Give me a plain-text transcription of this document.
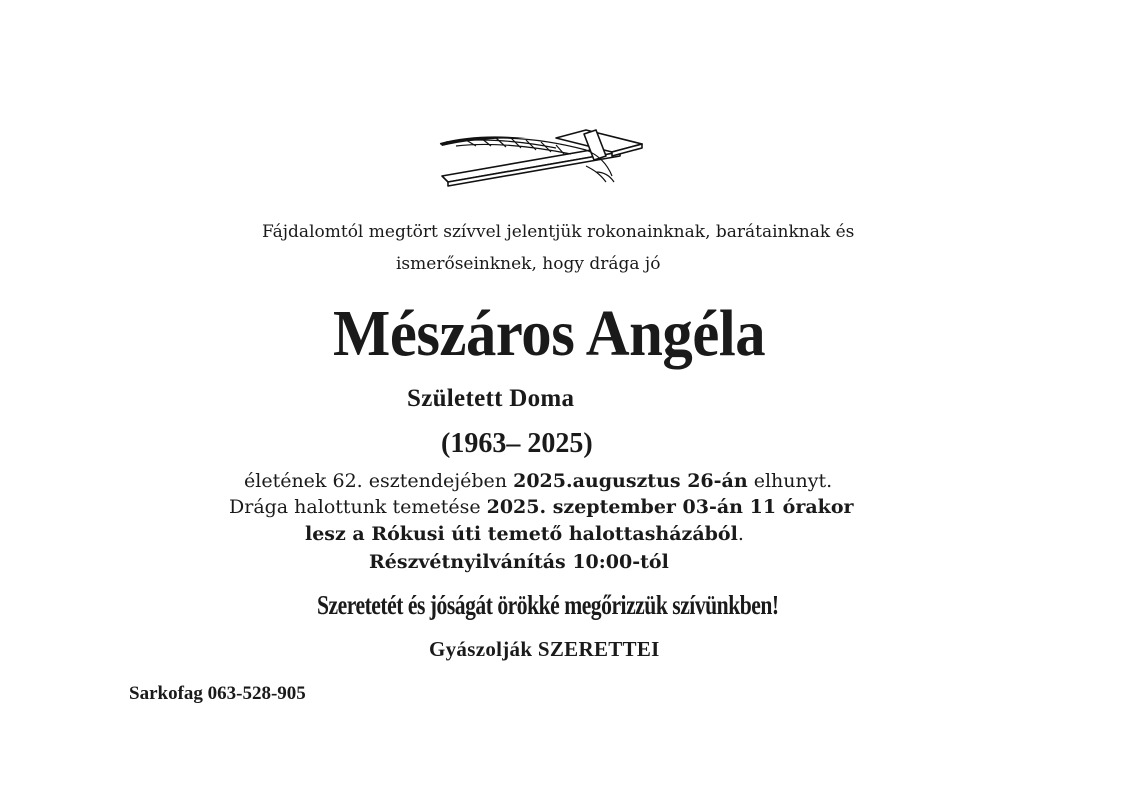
Fájdalomtól megtört szívvel jelentjük rokonainknak, barátainknak és
ismerőseinknek, hogy drága jó
Mészáros Angéla
Született Doma
(1963– 2025)
életének 62. esztendejében 2025.augusztus 26-án elhunyt.
Drága halottunk temetése 2025. szeptember 03-án 11 órakor
lesz a Rókusi úti temető halottasházából.
Részvétnyilvánítás 10:00-tól
Szeretetét és jóságát örökké megőrizzük szívünkben!
Gyászolják SZERETTEI
Sarkofag 063-528-905
